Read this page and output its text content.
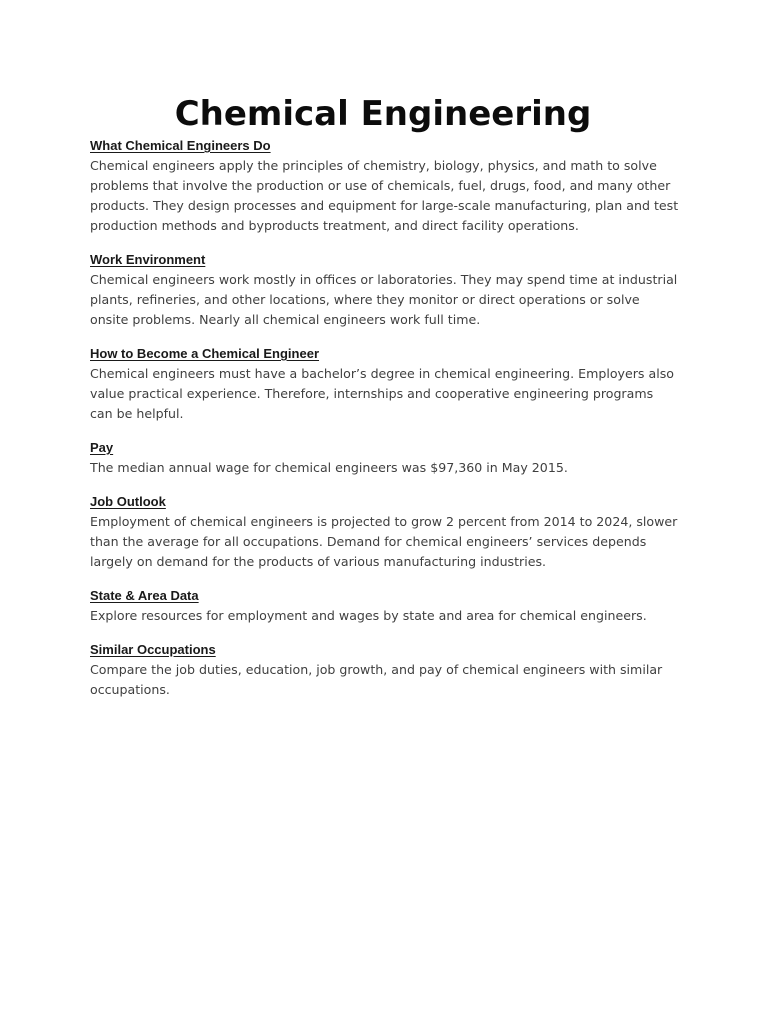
Chemical Engineering

What Chemical Engineers Do

Chemical engineers apply the principles of chemistry, biology, physics, and math to solve
problems that involve the production or use of chemicals, fuel, drugs, food, and many other
products. They design processes and equipment for large-scale manufacturing, plan and test
production methods and byproducts treatment, and direct facility operations.

Work Environment

Chemical engineers work mostly in offices or laboratories. They may spend time at industrial
plants, refineries, and other locations, where they monitor or direct operations or solve
onsite problems. Nearly all chemical engineers work full time.

How to Become a Chemical Engineer

Chemical engineers must have a bachelor’s degree in chemical engineering. Employers also
value practical experience. Therefore, internships and cooperative engineering programs
can be helpful.

Pay

The median annual wage for chemical engineers was $97,360 in May 2015.

Job Outlook

Employment of chemical engineers is projected to grow 2 percent from 2014 to 2024, slower
than the average for all occupations. Demand for chemical engineers’ services depends
largely on demand for the products of various manufacturing industries.

State & Area Data

Explore resources for employment and wages by state and area for chemical engineers.

Similar Occupations

Compare the job duties, education, job growth, and pay of chemical engineers with similar
occupations.
